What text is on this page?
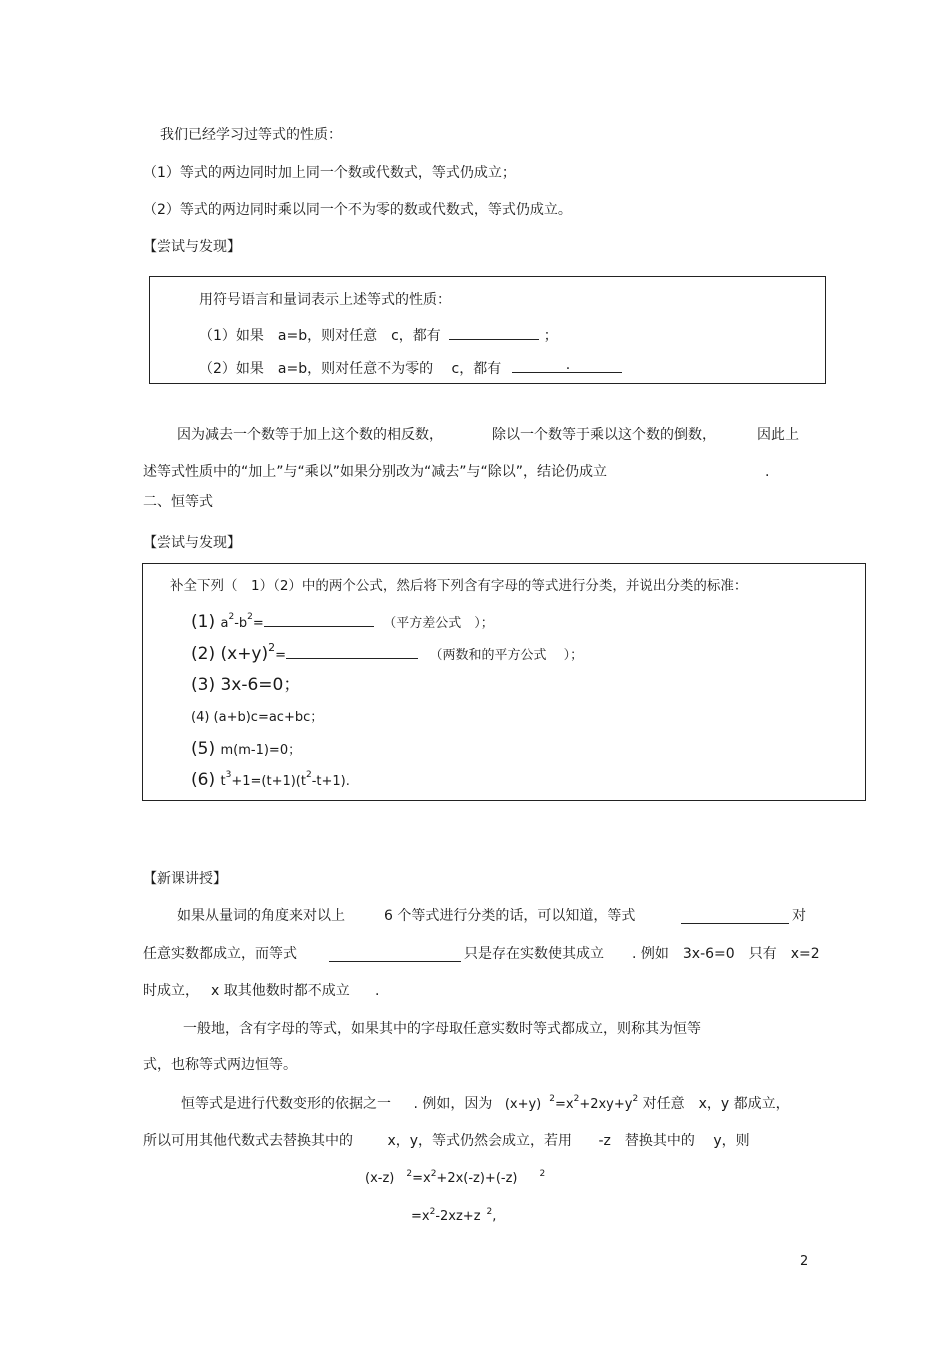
我们已经学习过等式的性质：
（1）等式的两边同时加上同一个数或代数式，等式仍成立；
（2）等式的两边同时乘以同一个不为零的数或代数式，等式仍成立。
【尝试与发现】
用符号语言和量词表示上述等式的性质：
（1）如果　a=b，则对任意　c，都有	；
（2）如果　a=b，则对任意不为零的　 c，都有	.
因为减去一个数等于加上这个数的相反数，	除以一个数等于乘以这个数的倒数，	因此上
述等式性质中的“加上”与“乘以”如果分别改为“减去”与“除以”，结论仍成立	.
二、恒等式
【尝试与发现】
补全下列（　1）（2）中的两个公式，然后将下列含有字母的等式进行分类，并说出分类的标准：
(1) $a^2-b^2=$	（平方差公式　）；
(2) $(x+y)^2=$	（两数和的平方公式　 ）；
(3) 3x-6=0；
(4) (a+b)c=ac+bc；
(5) m(m-1)=0；
(6) $t^3+1=(t+1)(t^2-t+1)$.
【新课讲授】
如果从量词的角度来对以上	6 个等式进行分类的话，可以知道，等式	对
任意实数都成立，而等式	只是存在实数使其成立 . 例如　3x-6=0　只有　x=2
时成立， x 取其他数时都不成立 .
一般地，含有字母的等式，如果其中的字母取任意实数时等式都成立，则称其为恒等
式，也称等式两边恒等。
恒等式是进行代数变形的依据之一 . 例如，因为 (x+y) $^2=x^2+2xy+y^2$ 对任意　x，y 都成立，
所以可用其他代数式去替换其中的 x，y，等式仍然会成立，若用 -z　替换其中的 y，则
(x-z) $^2=x^2+2x(-z)+(-z)$ $^2$
$=x^2-2xz+z$ $^2$,
2
